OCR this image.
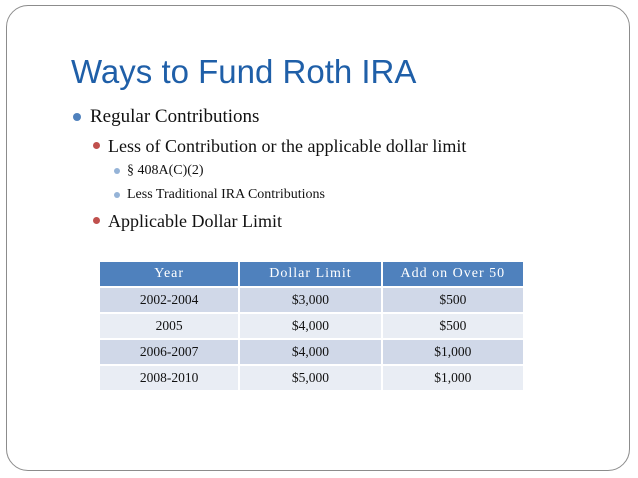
Ways to Fund Roth IRA
Regular Contributions
Less of Contribution or the applicable dollar limit
§ 408A(C)(2)
Less Traditional IRA Contributions
Applicable Dollar Limit
Year	Dollar Limit	Add on Over 50
2002-2004	$3,000	$500
2005	$4,000	$500
2006-2007	$4,000	$1,000
2008-2010	$5,000	$1,000
